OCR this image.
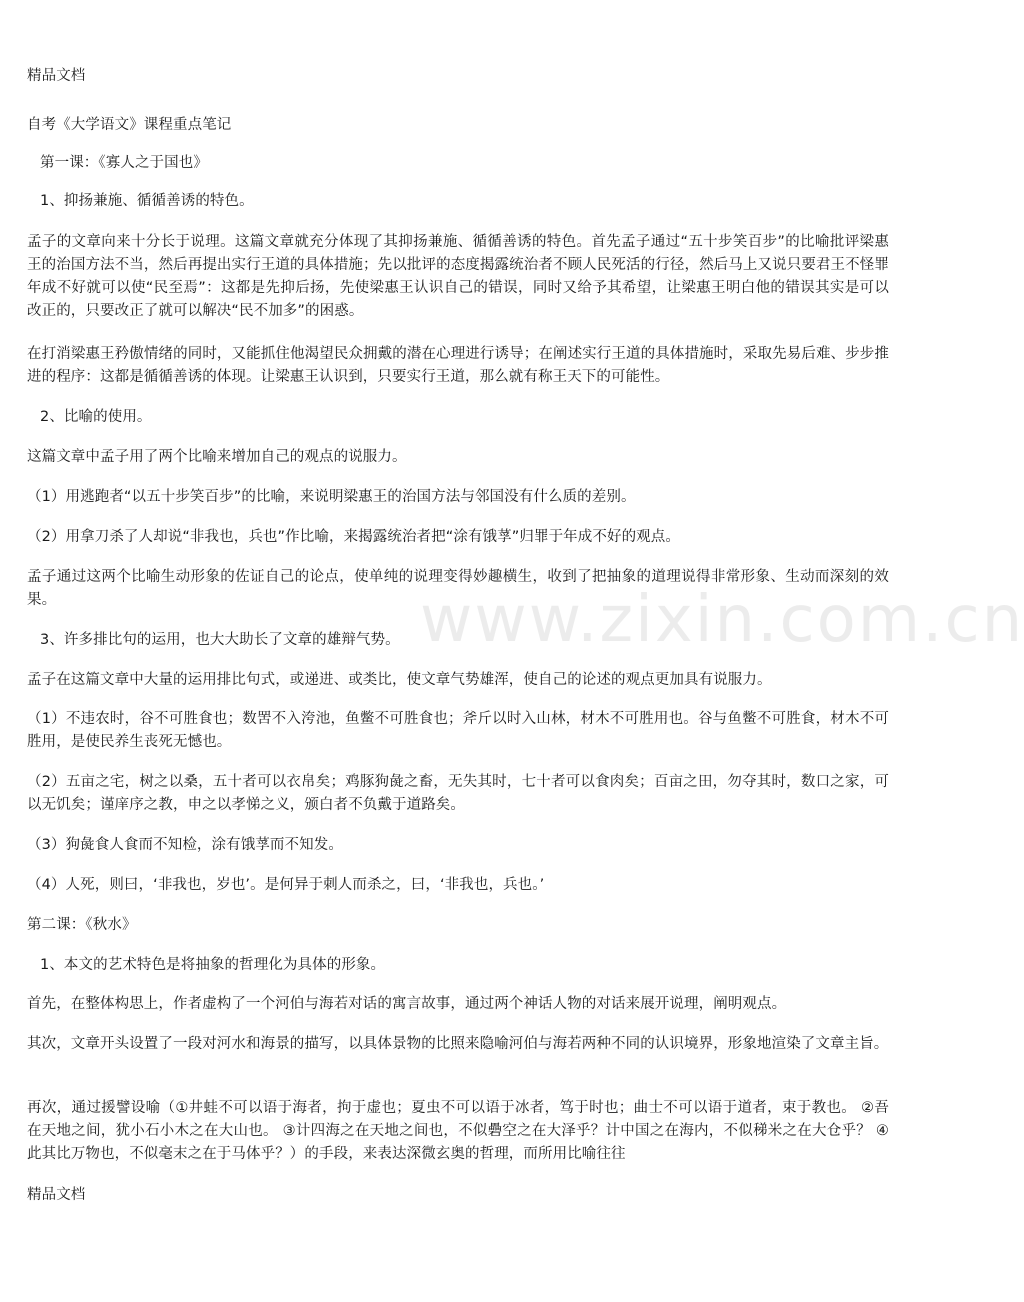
www.zixin.com.cn

精品文档

自考《大学语文》课程重点笔记

第一课：《寡人之于国也》

1、抑扬兼施、循循善诱的特色。

孟子的文章向来十分长于说理。这篇文章就充分体现了其抑扬兼施、循循善诱的特色。首先孟子通过“五十步笑百步”的比喻批评梁惠王的治国方法不当，然后再提出实行王道的具体措施；先以批评的态度揭露统治者不顾人民死活的行径，然后马上又说只要君王不怪罪年成不好就可以使“民至焉”：这都是先抑后扬，先使梁惠王认识自己的错误，同时又给予其希望，让梁惠王明白他的错误其实是可以改正的，只要改正了就可以解决“民不加多”的困惑。

在打消梁惠王矜傲情绪的同时，又能抓住他渴望民众拥戴的潜在心理进行诱导；在阐述实行王道的具体措施时，采取先易后难、步步推进的程序：这都是循循善诱的体现。让梁惠王认识到，只要实行王道，那么就有称王天下的可能性。

2、比喻的使用。

这篇文章中孟子用了两个比喻来增加自己的观点的说服力。

（1）用逃跑者“以五十步笑百步”的比喻，来说明梁惠王的治国方法与邻国没有什么质的差别。

（2）用拿刀杀了人却说“非我也，兵也”作比喻，来揭露统治者把“涂有饿莩”归罪于年成不好的观点。

孟子通过这两个比喻生动形象的佐证自己的论点，使单纯的说理变得妙趣横生，收到了把抽象的道理说得非常形象、生动而深刻的效果。

3、许多排比句的运用，也大大助长了文章的雄辩气势。

孟子在这篇文章中大量的运用排比句式，或递进、或类比，使文章气势雄浑，使自己的论述的观点更加具有说服力。

（1）不违农时，谷不可胜食也；数罟不入洿池，鱼鳖不可胜食也；斧斤以时入山林，材木不可胜用也。谷与鱼鳖不可胜食，材木不可胜用，是使民养生丧死无憾也。

（2）五亩之宅，树之以桑，五十者可以衣帛矣；鸡豚狗彘之畜，无失其时，七十者可以食肉矣；百亩之田，勿夺其时，数口之家，可以无饥矣；谨庠序之教，申之以孝悌之义，颁白者不负戴于道路矣。

（3）狗彘食人食而不知检，涂有饿莩而不知发。

（4）人死，则曰，‘非我也，岁也’。是何异于刺人而杀之，曰，‘非我也，兵也。’

第二课：《秋水》

1、本文的艺术特色是将抽象的哲理化为具体的形象。

首先，在整体构思上，作者虚构了一个河伯与海若对话的寓言故事，通过两个神话人物的对话来展开说理，阐明观点。

其次，文章开头设置了一段对河水和海景的描写，以具体景物的比照来隐喻河伯与海若两种不同的认识境界，形象地渲染了文章主旨。

再次，通过援譬设喻（①井蛙不可以语于海者，拘于虚也；夏虫不可以语于冰者，笃于时也；曲士不可以语于道者，束于教也。 ②吾在天地之间，犹小石小木之在大山也。 ③计四海之在天地之间也，不似礨空之在大泽乎？计中国之在海内，不似稊米之在大仓乎？ ④此其比万物也，不似毫末之在于马体乎？）的手段，来表达深微玄奥的哲理，而所用比喻往往

精品文档
